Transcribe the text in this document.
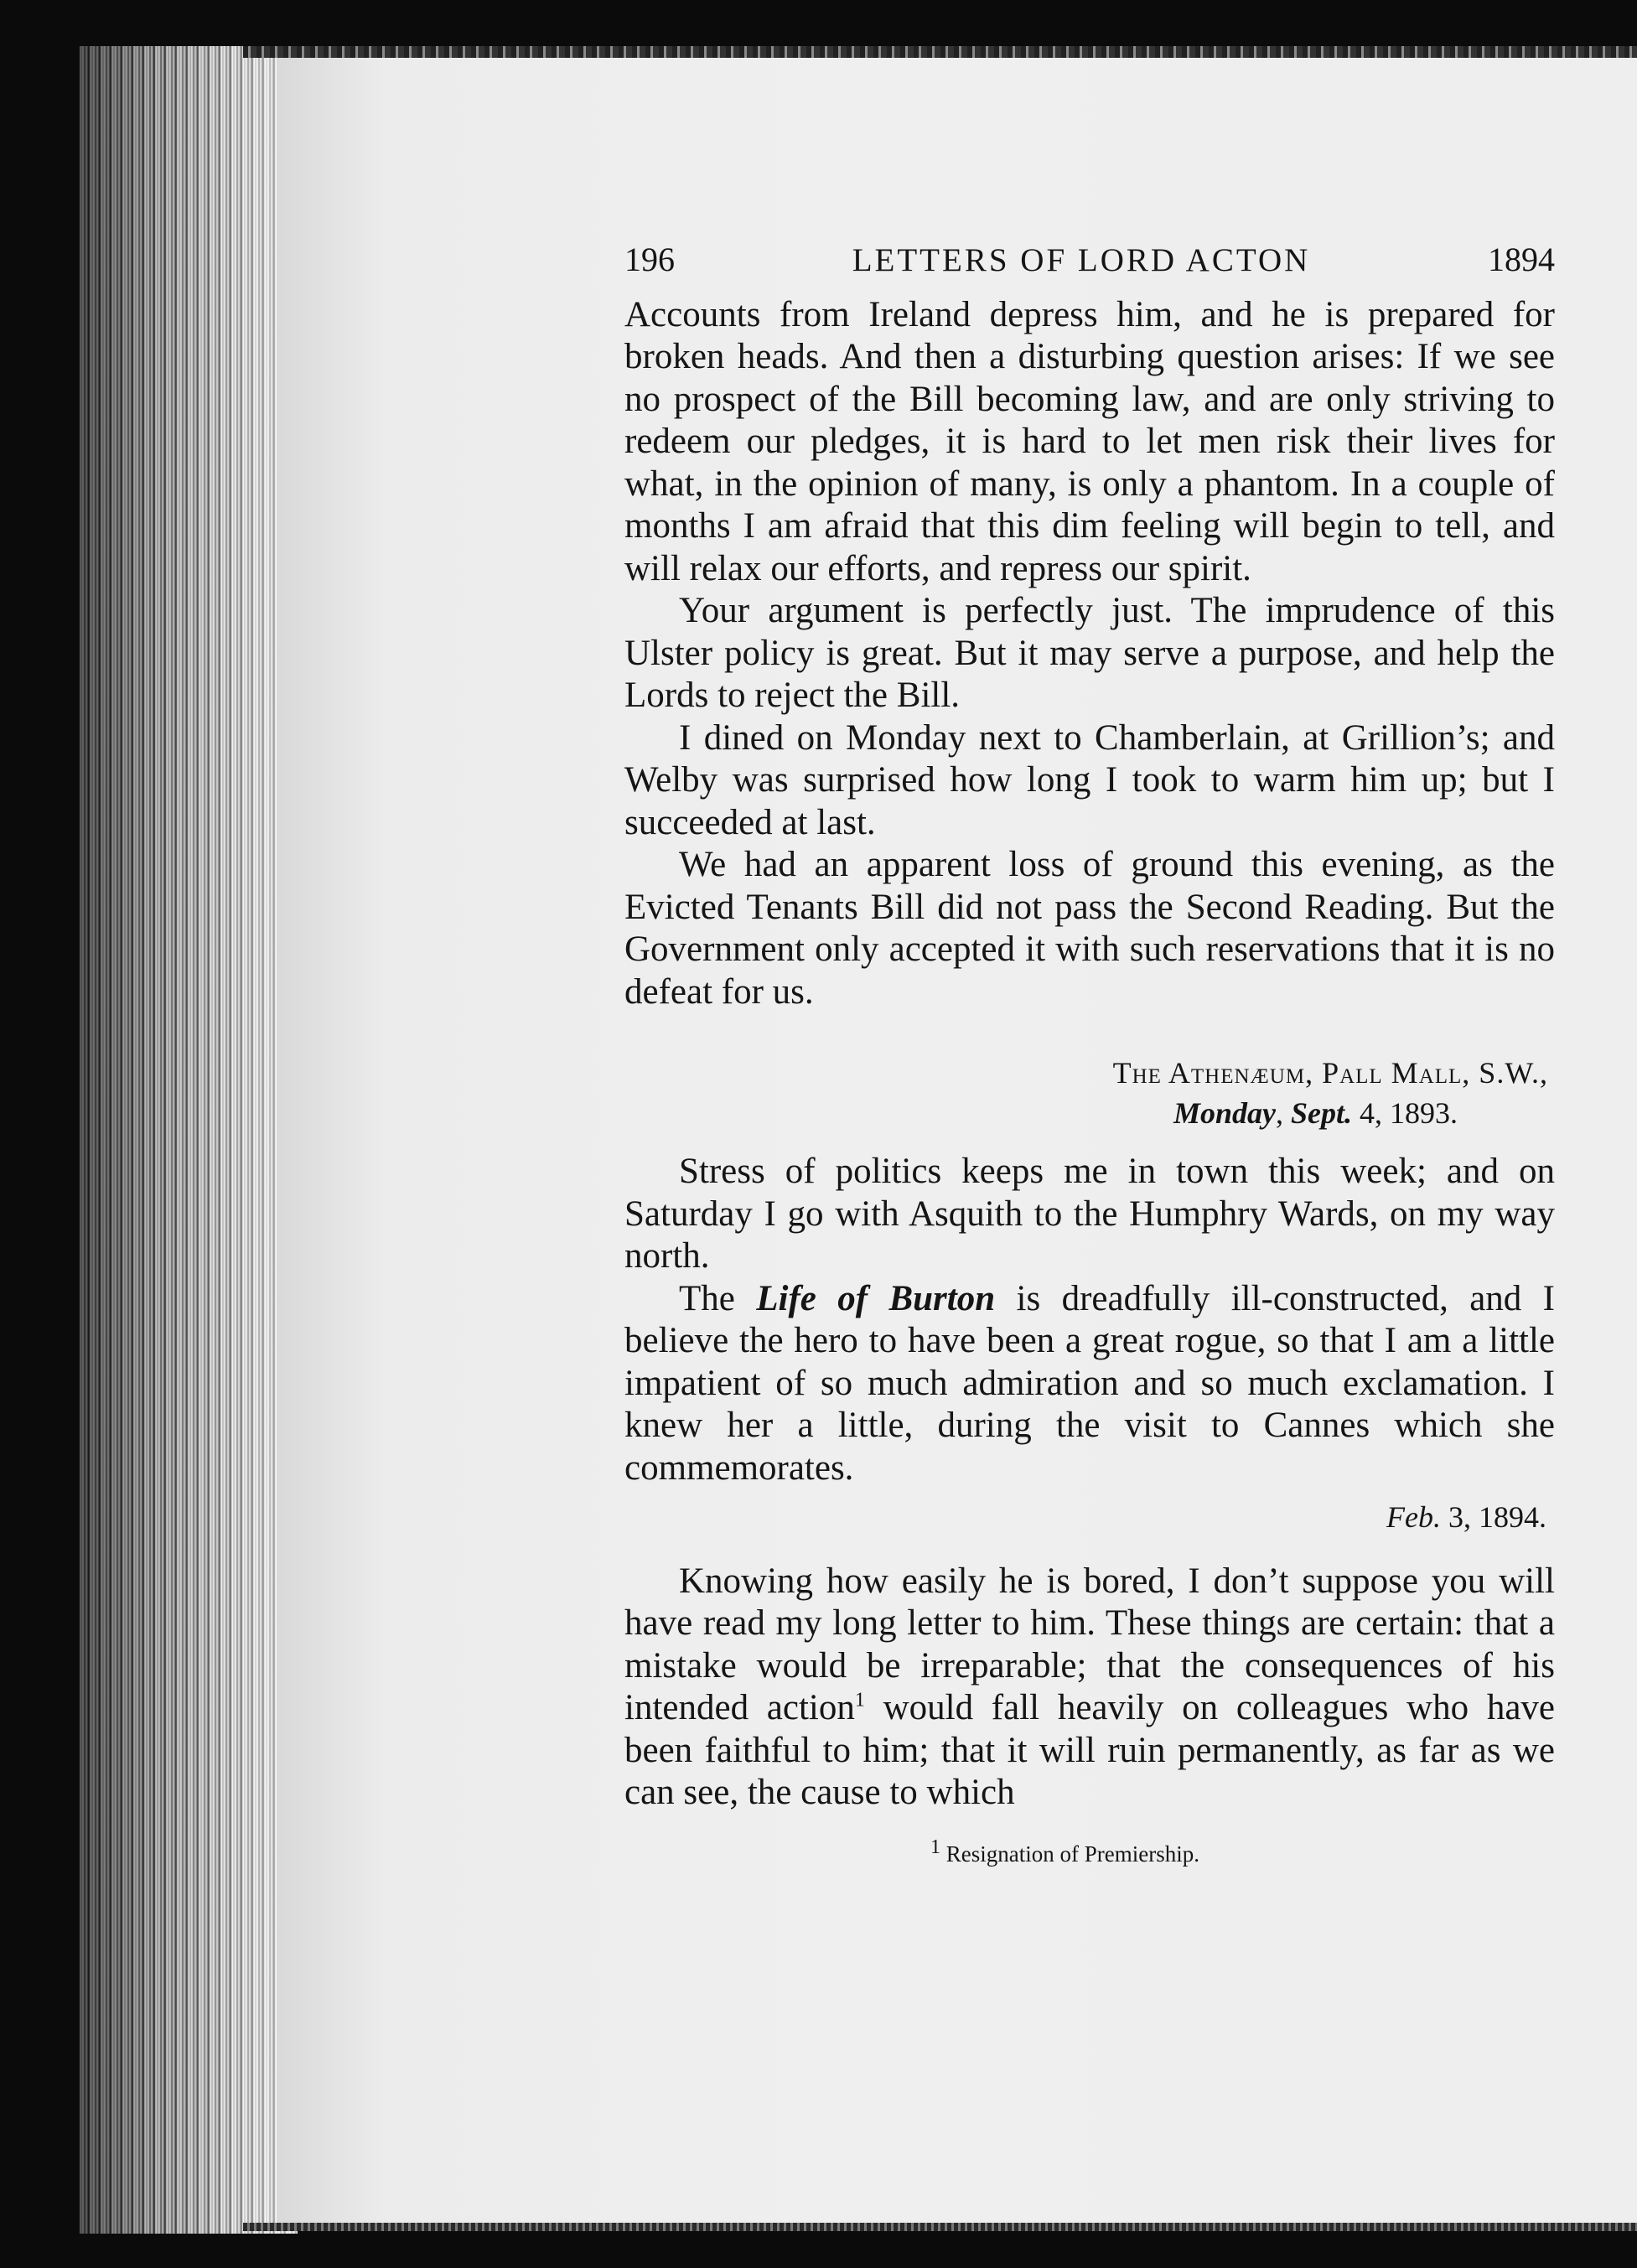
196	LETTERS OF LORD ACTON	1894

Accounts from Ireland depress him, and he is prepared for broken heads. And then a disturbing question arises: If we see no prospect of the Bill becoming law, and are only striving to redeem our pledges, it is hard to let men risk their lives for what, in the opinion of many, is only a phantom. In a couple of months I am afraid that this dim feeling will begin to tell, and will relax our efforts, and repress our spirit.

Your argument is perfectly just. The imprudence of this Ulster policy is great. But it may serve a purpose, and help the Lords to reject the Bill.

I dined on Monday next to Chamberlain, at Grillion’s; and Welby was surprised how long I took to warm him up; but I succeeded at last.

We had an apparent loss of ground this evening, as the Evicted Tenants Bill did not pass the Second Reading. But the Government only accepted it with such reservations that it is no defeat for us.

The Athenæum, Pall Mall, S.W.,
Monday, Sept. 4, 1893.

Stress of politics keeps me in town this week; and on Saturday I go with Asquith to the Humphry Wards, on my way north.

The Life of Burton is dreadfully ill-constructed, and I believe the hero to have been a great rogue, so that I am a little impatient of so much admiration and so much exclamation. I knew her a little, during the visit to Cannes which she commemorates.

Feb. 3, 1894.

Knowing how easily he is bored, I don’t suppose you will have read my long letter to him. These things are certain: that a mistake would be irreparable; that the consequences of his intended action$^1$ would fall heavily on colleagues who have been faithful to him; that it will ruin permanently, as far as we can see, the cause to which

$^1$ Resignation of Premiership.
